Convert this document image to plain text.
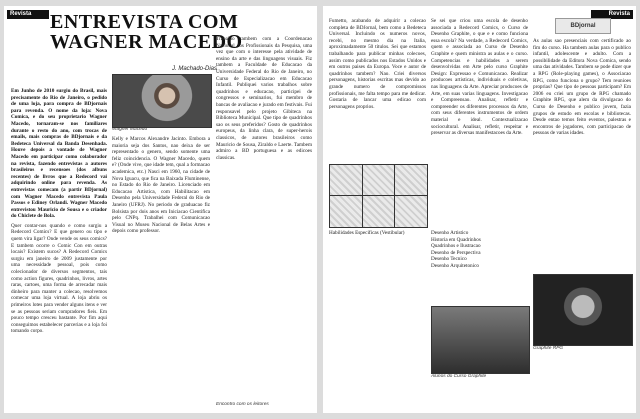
Revista ENTREVISTA COM WAGNER MACEDO
J. Machado-Dias
Em Junho de 2010 surgiu do Brasil, mais precisamente do Rio de Janeiro, o pedido de uma loja, para compra de BDjornais para revenda. O nome da loja: Nova Comica, e do seu proprietario Wagner Macedo, tornaram-se nos familiares durante o resto do ano, com trocas de emails, mais compras de BDjornais e da Bedeteca Universal da Banda Desenhada. Houve depois a vontade de Wagner Macedo em participar como colaborador na revista, fazendo entrevistas a autores brasileiros e recensoes (dos albuns recentes) de livros que a Redecord vai adquirindo online para revenda. As entrevistas comecam (a partir BDjornal) com Wagner Macedo entrevista Paula Passos e Ediney Orlandi. Wagner Macedo entrevistou Mauricio de Sousa e o criador do Chiclete de Bola.
Quer contar-nos quando e como surgiu a Redecord Comics? E que genero ou tipo e quem vira ligar? Onde vende os seus comics? E tambem ocorre o Comic Con em outras locais? Existem sucos? A Redecord Comics surgiu em janeiro de 2009 justamente por uma necessidade pessoal, pois como colecionador de diversos segmentos, tais como action figures, quadrinhos, livros, artes raras, cartoes, uma forma de arrecadar mais dinheiro para manter a colecao, resolvemos comecar uma loja virtual. A loja abriu os primeiros lotes para vender alguns itens e ver se as pessoas seriam compradores fieis. Em pouco tempo cresceu bastante. Por fim aqui conseguimos estabelecer parcerias e a loja foi tomando corpo.
Wagner Macedo
Kelly e Marcos Alexandre Jacinto. Embora a maioria seja dos Santos, nao deixa de ser representado o genero, sendo somente uma feliz coincidencia. O Wagner Macedo, quem e? (Onde vive, que idade tem, qual a formacao academica, etc.) Nasci em 1960, na cidade de Nova Iguacu, que fica na Baixada Fluminense, no Estado do Rio de Janeiro. Licenciado em Educacao Artistica, com Habilitacao em Desenho pela Universidade Federal do Rio de Janeiro (UFRJ). No periodo de graduacao fiz Bolsista por dois anos em Iniciacao Cientifica pelo CNPq. Trabalhei com Comunicacao Visual no Museu Nacional de Belas Artes e depois como professor.
Trabalho tambem com a Coordenacao Nacional dos Profissionais da Pesquisa, uma vez que com o interesse pela atividade de ensino da arte e das linguagens visuais. Fiz tambem a Faculdade de Educacao da Universidade Federal do Rio de Janeiro, no Curso de Especializacao em Educacao Infantil. Publiquei varios trabalhos sobre quadrinhos e educacao, participei de congressos e seminarios, fui membro de bancas de avaliacao e jurado em festivais. Fui responsavel pelo projeto Gibiteca na Biblioteca Municipal. Que tipo de quadrinhos sao os seus preferidos? Gosto de quadrinhos europeus, da linha clara, de super-herois classicos, de autores brasileiros como Mauricio de Sousa, Ziraldo e Laerte. Tambem admiro a BD portuguesa e as edicoes classicas.
Encontro com os leitores
Revista 2011
Fumetto, acabando de adquirir a colecao completa de BDJornal, bem como a Bedeteca Universal. Incluindo os numeros novos, recebi, no mesmo dia na Italia, aproximadamente 50 titulos. Sei que estamos trabalhando para publicar minhas colecoes, assim como publicados nos Estados Unidos e em outros paises da Europa. Voce e autor de quadrinhos tambem? Nao. Criei diversos personagens, historias escritas mas devido ao grande numero de compromissos profissionais, me falta tempo para me dedicar. Gostaria de lancar uma edicao com personagens proprios.
Se sei que criou uma escola de desenho associada a Redecord Comics, o Curso de Desenho Graphite, o que e e como funciona essa escola? Na verdade, a Redecord Comics, quem e associada ao Curso de Desenho Graphite e quem ministra as aulas e o curso. Competencias e habilidades a serem desenvolvidas em Arte pelo curso Graphite Design: Expressao e Comunicacao. Realizar producoes artisticas, individuais e coletivas, nas linguagens da Arte. Apreciar producoes de Arte, em suas varias linguagens. Investigacao e Compreensao. Analisar, refletir e compreender os diferentes processos da Arte, com seus diferentes instrumentos de ordem material e ideal. Contextualizacao sociocultural. Analisar, refletir, respeitar e preservar as diversas manifestacoes da Arte.
Desenho Artistico
Historia em Quadrinhos
Quadrinhos e Ilustracao
Desenho de Perspectiva
Desenho Tecnico
Desenho Arquitetonico
Alunos do Curso Graphite
Habilidades Especificas (Vestibular)
BDjornal
As aulas sao presenciais com certificado ao fim do curso. Ha tambem aulas para o publico infantil, adolescente e adulto. Com a possibilidade da Editora Nova Comica, sendo uma das atividades. Tambem se pode dizer que a RPG (Role-playing games), o Associacao RPG, como funciona o grupo? Tem reunioes proprias? Que tipo de pessoas participam? Em 2006 eu criei um grupo de RPG chamado Graphite RPG, que alem da divulgacao do Curso de Desenho e publico jovem, fazia grupos de estudo em escolas e bibliotecas. Desde entao temos feito eventos, palestras e encontros de jogadores, com participacao de pessoas de varias idades.
Graphite RPG
